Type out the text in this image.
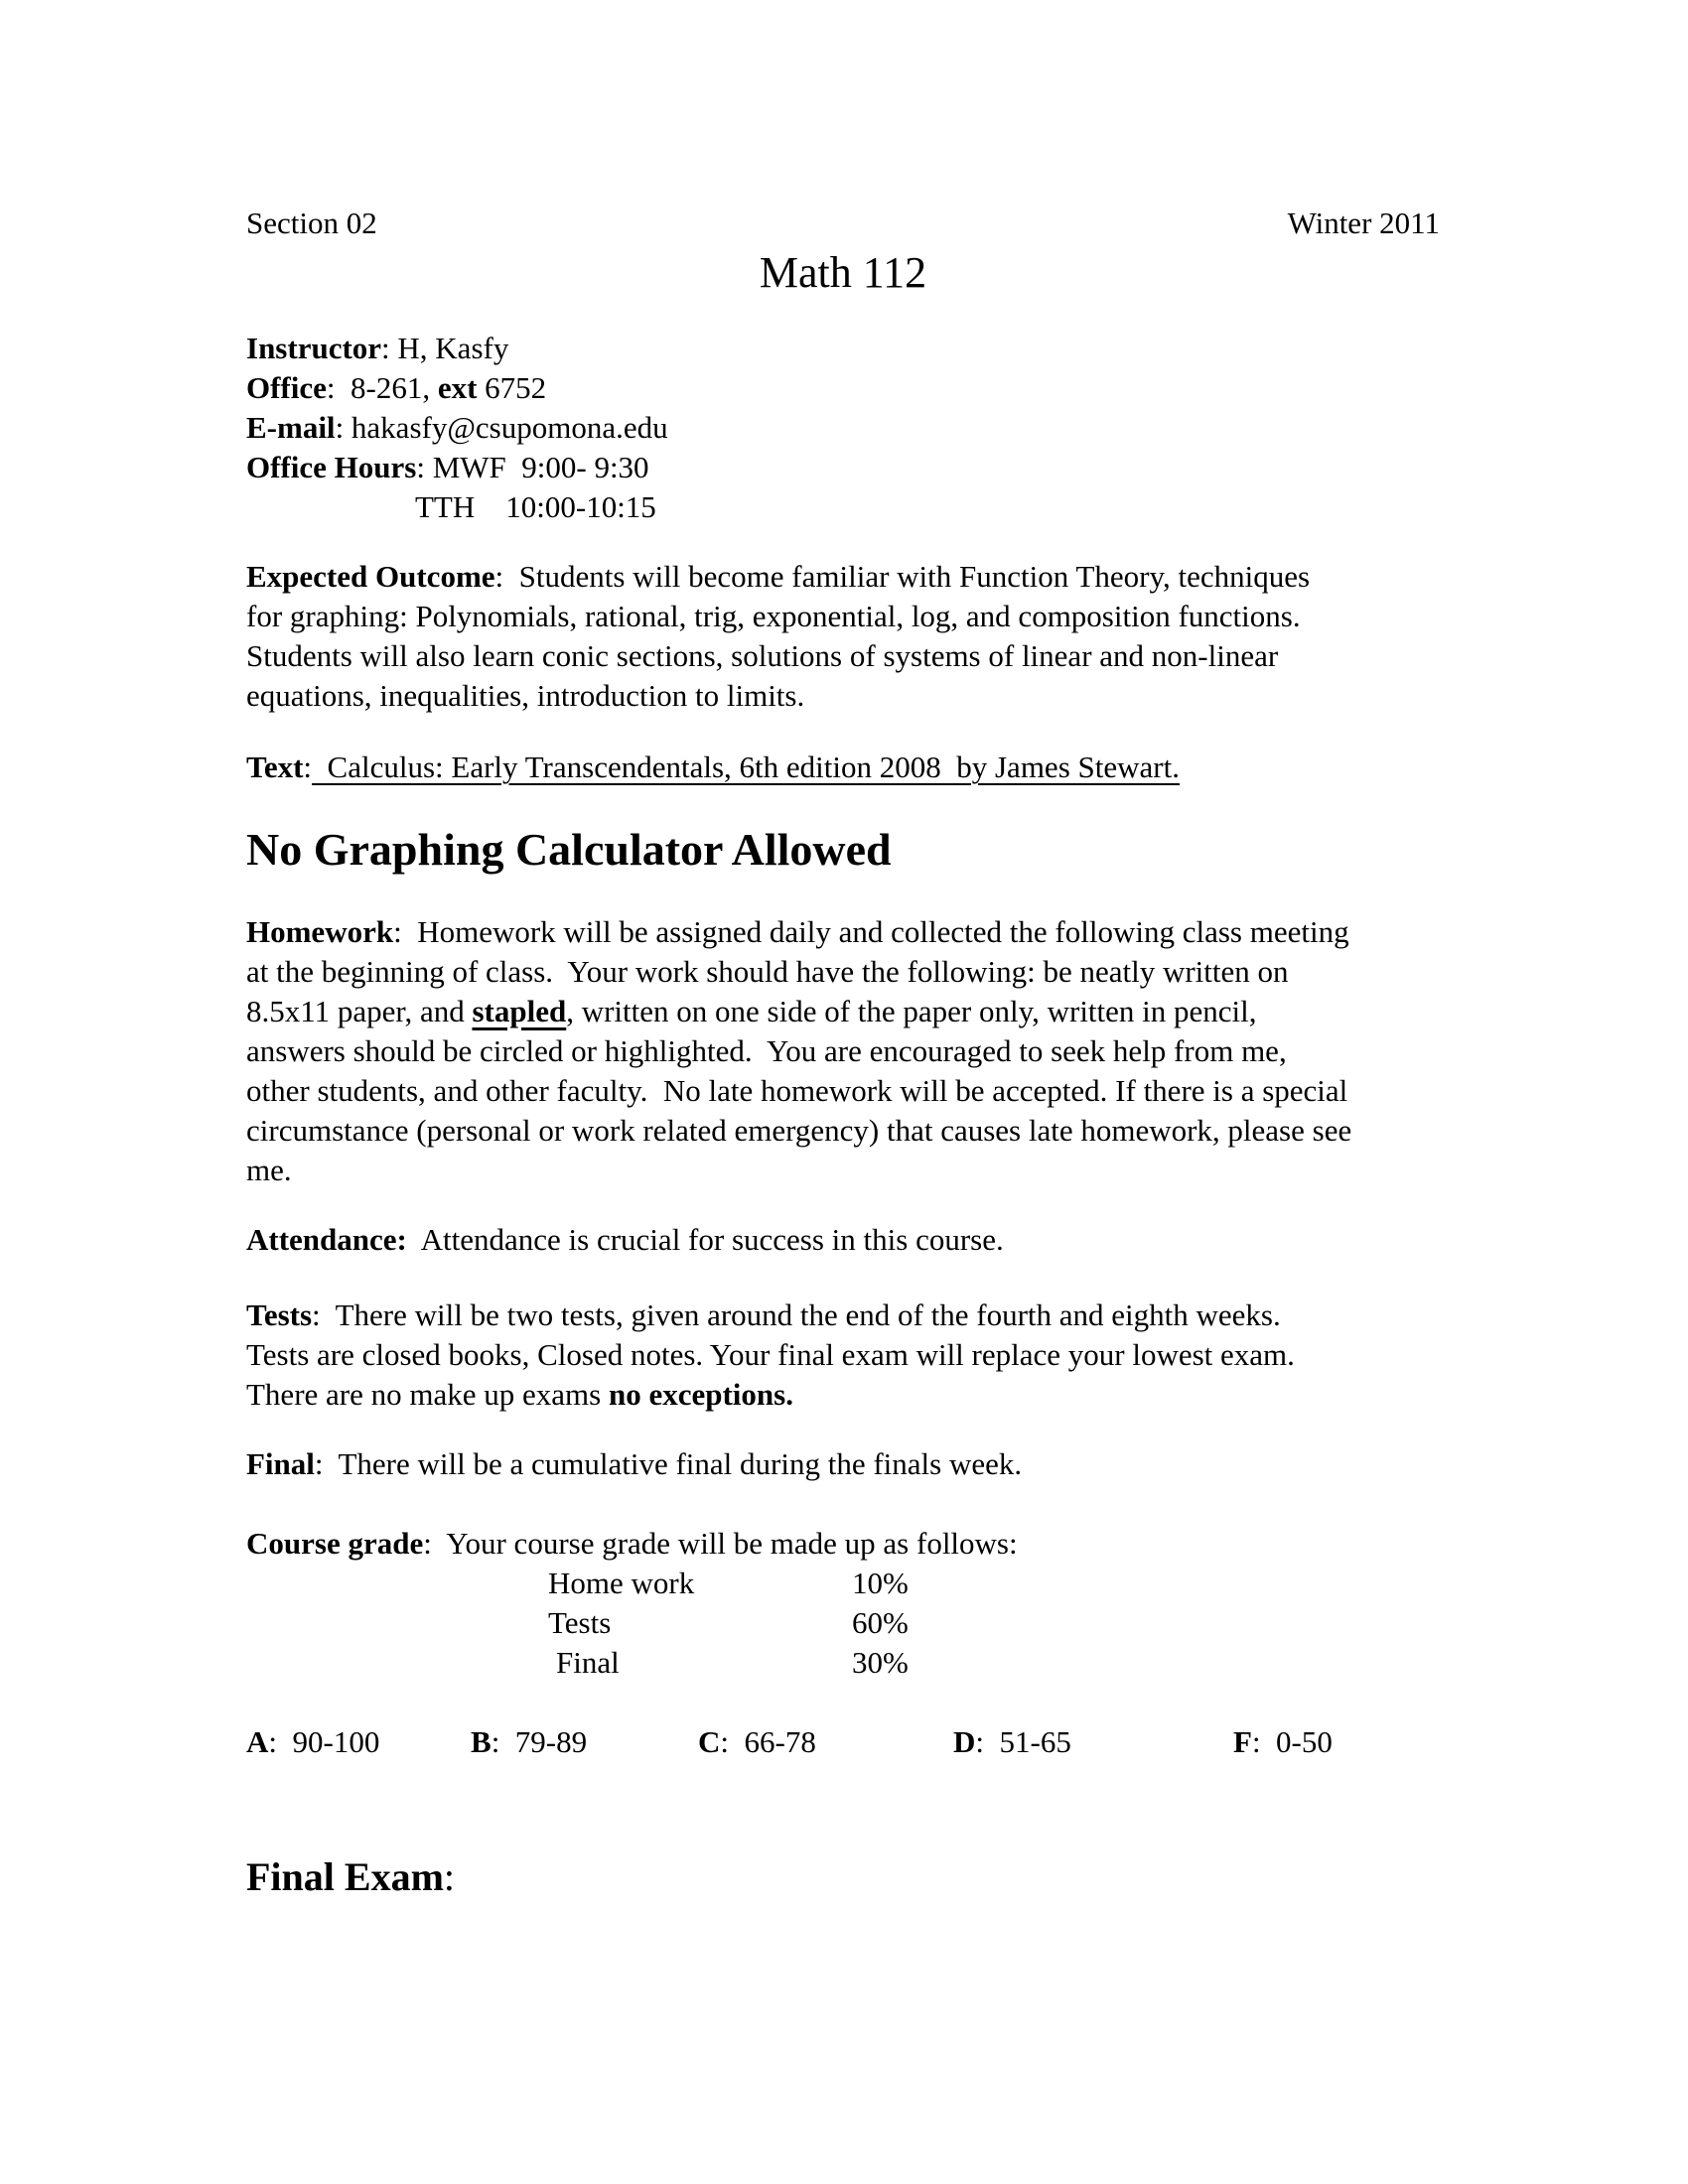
Section 02	Winter 2011
Math 112
Instructor: H, Kasfy
Office:  8-261, ext 6752
E-mail: hakasfy@csupomona.edu
Office Hours: MWF  9:00- 9:30
TTH    10:00-10:15
Expected Outcome:  Students will become familiar with Function Theory, techniques
for graphing: Polynomials, rational, trig, exponential, log, and composition functions.
Students will also learn conic sections, solutions of systems of linear and non-linear
equations, inequalities, introduction to limits.
Text:  Calculus: Early Transcendentals, 6th edition 2008  by James Stewart.
No Graphing Calculator Allowed
Homework:  Homework will be assigned daily and collected the following class meeting
at the beginning of class.  Your work should have the following: be neatly written on
8.5x11 paper, and stapled, written on one side of the paper only, written in pencil,
answers should be circled or highlighted.  You are encouraged to seek help from me,
other students, and other faculty.  No late homework will be accepted. If there is a special
circumstance (personal or work related emergency) that causes late homework, please see
me.
Attendance:  Attendance is crucial for success in this course.
Tests:  There will be two tests, given around the end of the fourth and eighth weeks.
Tests are closed books, Closed notes. Your final exam will replace your lowest exam.
There are no make up exams no exceptions.
Final:  There will be a cumulative final during the finals week.
Course grade:  Your course grade will be made up as follows:
Home work	10%
Tests	60%
Final	30%
A:  90-100	B:  79-89	C:  66-78	D:  51-65	F:  0-50
Final Exam:
